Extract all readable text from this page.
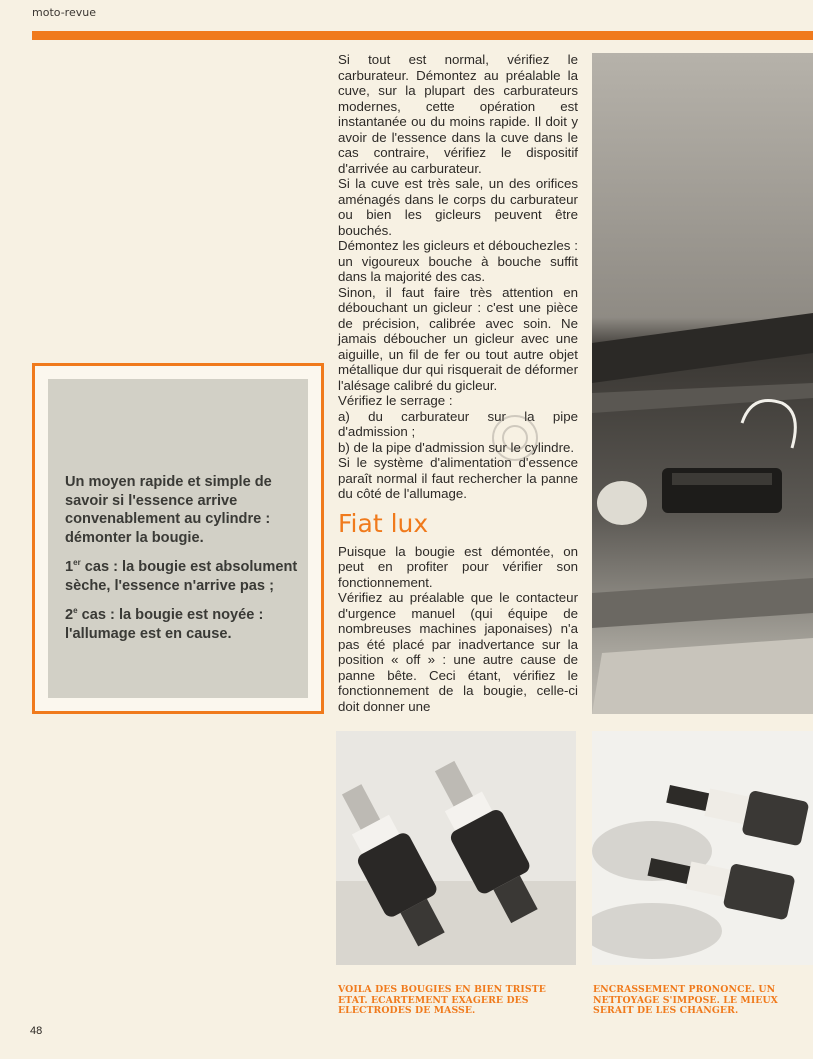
moto-revue

Un moyen rapide et simple de savoir si l'essence arrive convenablement au cylindre : démonter la bougie.

1er cas : la bougie est absolument sèche, l'essence n'arrive pas ;

2e cas : la bougie est noyée : l'allumage est en cause.

Si tout est normal, vérifiez le carburateur. Démontez au préalable la cuve, sur la plupart des carburateurs modernes, cette opération est instantanée ou du moins rapide. Il doit y avoir de l'essence dans la cuve dans le cas contraire, vérifiez le dispositif d'arrivée au carburateur.

Si la cuve est très sale, un des orifices aménagés dans le corps du carburateur ou bien les gicleurs peuvent être bouchés.

Démontez les gicleurs et débouchezles : un vigoureux bouche à bouche suffit dans la majorité des cas.

Sinon, il faut faire très attention en débouchant un gicleur : c'est une pièce de précision, calibrée avec soin. Ne jamais déboucher un gicleur avec une aiguille, un fil de fer ou tout autre objet métallique dur qui risquerait de déformer l'alésage calibré du gicleur.

Vérifiez le serrage :

a) du carburateur sur la pipe d'admission ;

b) de la pipe d'admission sur le cylindre.

Si le système d'alimentation d'essence paraît normal il faut rechercher la panne du côté de l'allumage.

Fiat lux

Puisque la bougie est démontée, on peut en profiter pour vérifier son fonctionnement.

Vérifiez au préalable que le contacteur d'urgence manuel (qui équipe de nombreuses machines japonaises) n'a pas été placé par inadvertance sur la position « off » : une autre cause de panne bête. Ceci étant, vérifiez le fonctionnement de la bougie, celle-ci doit donner une

VOILA DES BOUGIES EN BIEN TRISTE ETAT. ECARTEMENT EXAGERE DES ELECTRODES DE MASSE.
ENCRASSEMENT PRONONCE. UN NETTOYAGE S'IMPOSE. LE MIEUX SERAIT DE LES CHANGER.
48
